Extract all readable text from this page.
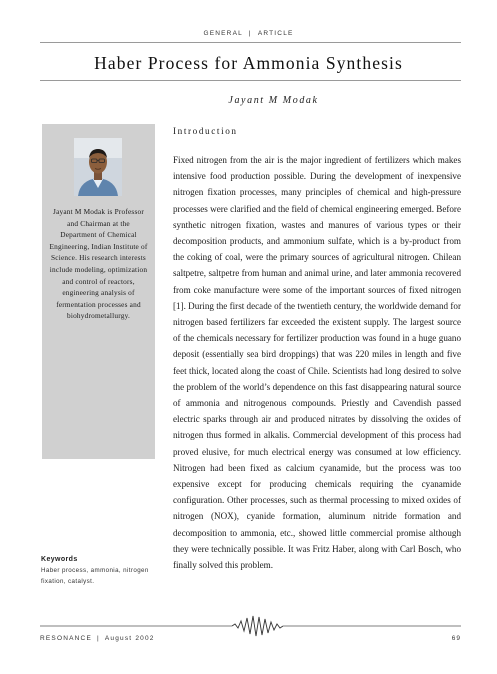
GENERAL | ARTICLE
Haber Process for Ammonia Synthesis
Jayant M Modak
Jayant M Modak is Professor and Chairman at the Department of Chemical Engineering, Indian Institute of Science. His research interests include modeling, optimization and control of reactors, engineering analysis of fermentation processes and biohydrometallurgy.
Keywords
Haber process, ammonia, nitrogen fixation, catalyst.
Introduction

Fixed nitrogen from the air is the major ingredient of fertilizers which makes intensive food production possible. During the development of inexpensive nitrogen fixation processes, many principles of chemical and high-pressure processes were clarified and the field of chemical engineering emerged. Before synthetic nitrogen fixation, wastes and manures of various types or their decomposition products, and ammonium sulfate, which is a by-product from the coking of coal, were the primary sources of agricultural nitrogen. Chilean saltpetre, saltpetre from human and animal urine, and later ammonia recovered from coke manufacture were some of the important sources of fixed nitrogen [1]. During the first decade of the twentieth century, the worldwide demand for nitrogen based fertilizers far exceeded the existent supply. The largest source of the chemicals necessary for fertilizer production was found in a huge guano deposit (essentially sea bird droppings) that was 220 miles in length and five feet thick, located along the coast of Chile. Scientists had long desired to solve the problem of the world’s dependence on this fast disappearing natural source of ammonia and nitrogenous compounds. Priestly and Cavendish passed electric sparks through air and produced nitrates by dissolving the oxides of nitrogen thus formed in alkalis. Commercial development of this process had proved elusive, for much electrical energy was consumed at low efficiency. Nitrogen had been fixed as calcium cyanamide, but the process was too expensive except for producing chemicals requiring the cyanamide configuration. Other processes, such as thermal processing to mixed oxides of nitrogen (NOX), cyanide formation, aluminum nitride formation and decomposition to ammonia, etc., showed little commercial promise although they were technically possible. It was Fritz Haber, along with Carl Bosch, who finally solved this problem.

RESONANCE | August 2002	69
